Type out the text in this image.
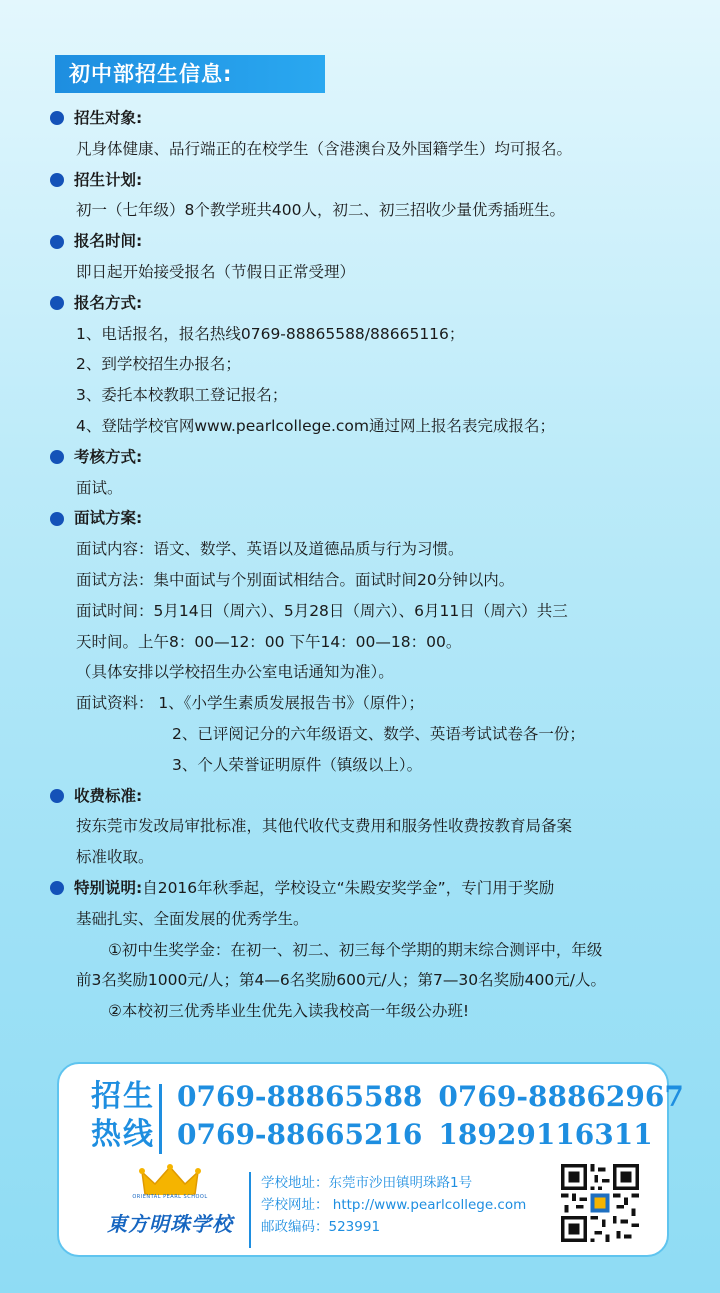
初中部招生信息:
招生对象:
凡身体健康、品行端正的在校学生（含港澳台及外国籍学生）均可报名。
招生计划:
初一（七年级）8个教学班共400人，初二、初三招收少量优秀插班生。
报名时间:
即日起开始接受报名（节假日正常受理）
报名方式:
1、电话报名，报名热线0769-88865588/88665116；
2、到学校招生办报名；
3、委托本校教职工登记报名；
4、登陆学校官网www.pearlcollege.com通过网上报名表完成报名；
考核方式:
面试。
面试方案:
面试内容：语文、数学、英语以及道德品质与行为习惯。
面试方法：集中面试与个别面试相结合。面试时间20分钟以内。
面试时间：5月14日（周六）、5月28日（周六）、6月11日（周六）共三
天时间。上午8：00—12：00 下午14：00—18：00。
（具体安排以学校招生办公室电话通知为准）。
面试资料： 1、《小学生素质发展报告书》（原件）；
2、已评阅记分的六年级语文、数学、英语考试试卷各一份；
3、个人荣誉证明原件（镇级以上）。
收费标准:
按东莞市发改局审批标准，其他代收代支费用和服务性收费按教育局备案
标准收取。
特别说明: 自2016年秋季起，学校设立“朱殿安奖学金”，专门用于奖励
基础扎实、全面发展的优秀学生。
①初中生奖学金：在初一、初二、初三每个学期的期末综合测评中，年级
前3名奖励1000元/人；第4—6名奖励600元/人；第7—30名奖励400元/人。
②本校初三优秀毕业生优先入读我校高一年级公办班!
招生
热线
0769-88865588 0769-88862967
0769-88665216 18929116311
ORIENTAL PEARL SCHOOL
東方明珠学校
学校地址：东莞市沙田镇明珠路1号
学校网址： http://www.pearlcollege.com
邮政编码：523991
